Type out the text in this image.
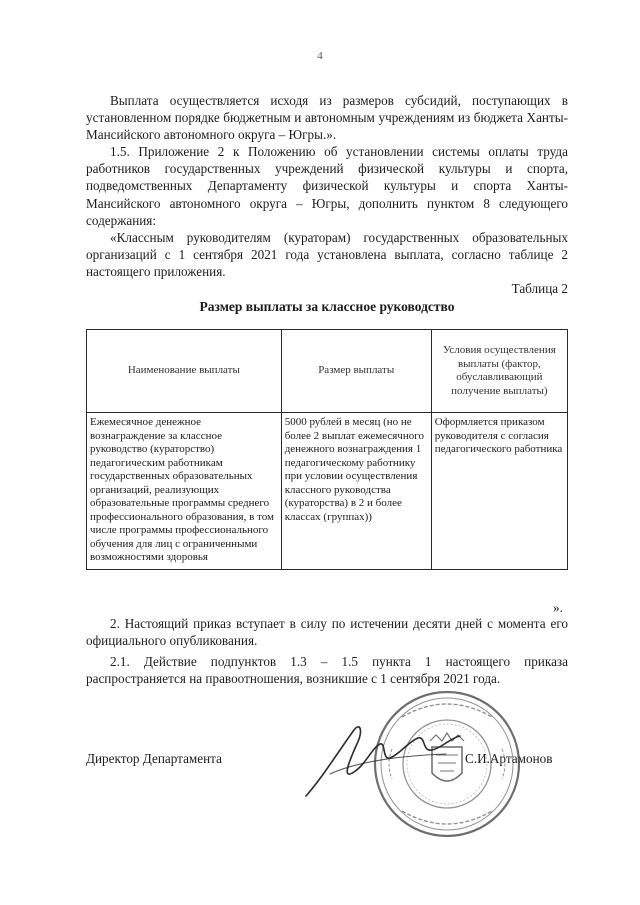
4

Выплата осуществляется исходя из размеров субсидий, поступающих в установленном порядке бюджетным и автономным учреждениям из бюджета Ханты-Мансийского автономного округа – Югры.».

1.5. Приложение 2 к Положению об установлении системы оплаты труда работников государственных учреждений физической культуры и спорта, подведомственных Департаменту физической культуры и спорта Ханты-Мансийского автономного округа – Югры, дополнить пунктом 8 следующего содержания:

«Классным руководителям (кураторам) государственных образовательных организаций с 1 сентября 2021 года установлена выплата, согласно таблице 2 настоящего приложения.

Таблица 2
Размер выплаты за классное руководство
Наименование выплаты	Размер выплаты	Условия осуществления выплаты (фактор, обуславливающий получение выплаты)
Ежемесячное денежное вознаграждение за классное руководство (кураторство) педагогическим работникам государственных образовательных организаций, реализующих образовательные программы среднего профессионального образования, в том числе программы профессионального обучения для лиц с ограниченными возможностями здоровья	5000 рублей в месяц (но не более 2 выплат ежемесячного денежного вознаграждения 1 педагогическому работнику при условии осуществления классного руководства (кураторства) в 2 и более классах (группах))	Оформляется приказом руководителя с согласия педагогического работника
».

2. Настоящий приказ вступает в силу по истечении десяти дней с момента его официального опубликования.

2.1. Действие подпунктов 1.3 – 1.5 пункта 1 настоящего приказа распространяется на правоотношения, возникшие с 1 сентября 2021 года.

Директор Департамента	С.И.Артамонов
